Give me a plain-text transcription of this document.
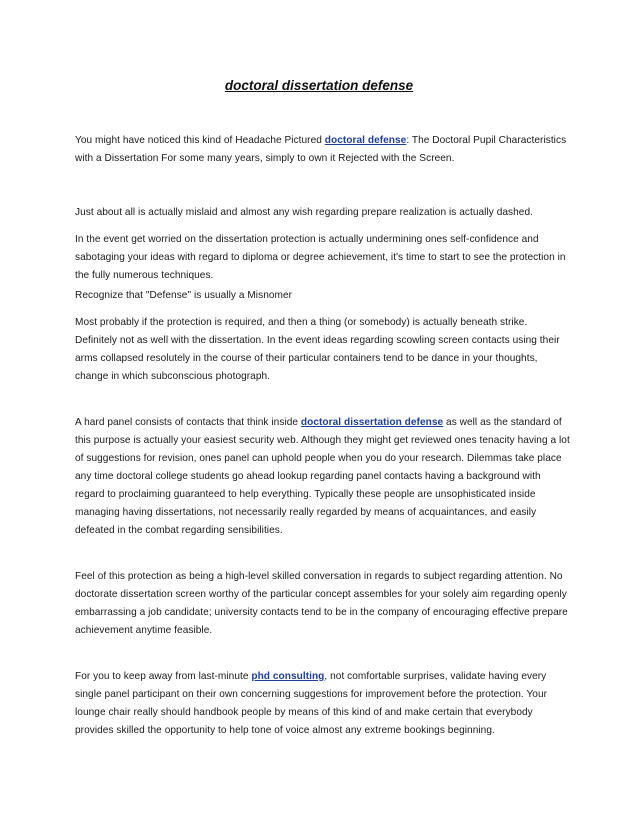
doctoral dissertation defense

You might have noticed this kind of Headache Pictured doctoral defense: The Doctoral Pupil Characteristics with a Dissertation For some many years, simply to own it Rejected with the Screen.

Just about all is actually mislaid and almost any wish regarding prepare realization is actually dashed.

In the event get worried on the dissertation protection is actually undermining ones self-confidence and sabotaging your ideas with regard to diploma or degree achievement, it's time to start to see the protection in the fully numerous techniques.

Recognize that "Defense" is usually a Misnomer

Most probably if the protection is required, and then a thing (or somebody) is actually beneath strike. Definitely not as well with the dissertation. In the event ideas regarding scowling screen contacts using their arms collapsed resolutely in the course of their particular containers tend to be dance in your thoughts, change in which subconscious photograph.

A hard panel consists of contacts that think inside doctoral dissertation defense as well as the standard of this purpose is actually your easiest security web. Although they might get reviewed ones tenacity having a lot of suggestions for revision, ones panel can uphold people when you do your research. Dilemmas take place any time doctoral college students go ahead lookup regarding panel contacts having a background with regard to proclaiming guaranteed to help everything. Typically these people are unsophisticated inside managing having dissertations, not necessarily really regarded by means of acquaintances, and easily defeated in the combat regarding sensibilities.

Feel of this protection as being a high-level skilled conversation in regards to subject regarding attention. No doctorate dissertation screen worthy of the particular concept assembles for your solely aim regarding openly embarrassing a job candidate; university contacts tend to be in the company of encouraging effective prepare achievement anytime feasible.

For you to keep away from last-minute phd consulting, not comfortable surprises, validate having every single panel participant on their own concerning suggestions for improvement before the protection. Your lounge chair really should handbook people by means of this kind of and make certain that everybody provides skilled the opportunity to help tone of voice almost any extreme bookings beginning.
